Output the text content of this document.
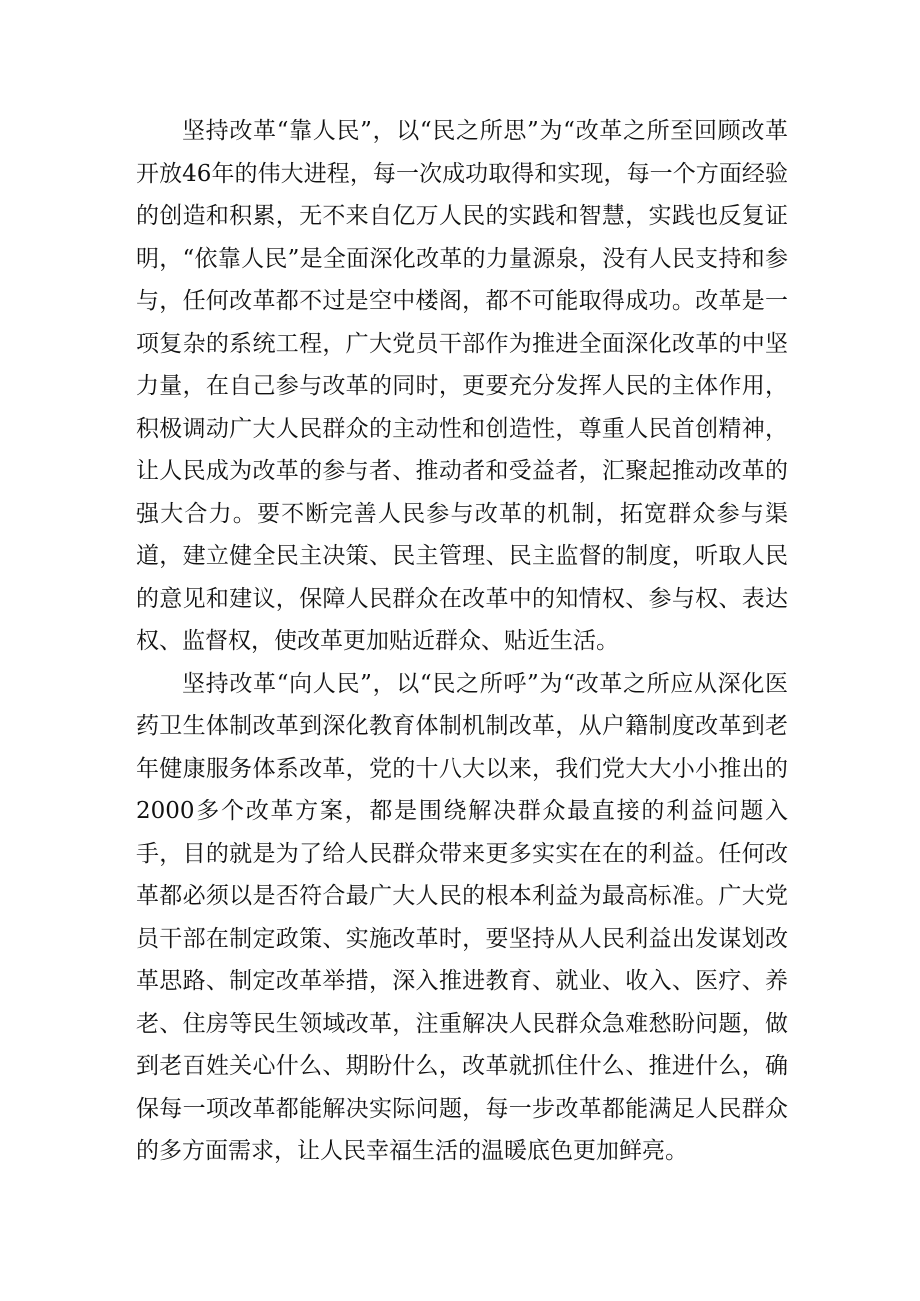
坚持改革“靠人民”，以“民之所思”为“改革之所至回顾改革开放46年的伟大进程，每一次成功取得和实现，每一个方面经验的创造和积累，无不来自亿万人民的实践和智慧，实践也反复证明，“依靠人民”是全面深化改革的力量源泉，没有人民支持和参与，任何改革都不过是空中楼阁，都不可能取得成功。改革是一项复杂的系统工程，广大党员干部作为推进全面深化改革的中坚力量，在自己参与改革的同时，更要充分发挥人民的主体作用，积极调动广大人民群众的主动性和创造性，尊重人民首创精神，让人民成为改革的参与者、推动者和受益者，汇聚起推动改革的强大合力。要不断完善人民参与改革的机制，拓宽群众参与渠道，建立健全民主决策、民主管理、民主监督的制度，听取人民的意见和建议，保障人民群众在改革中的知情权、参与权、表达权、监督权，使改革更加贴近群众、贴近生活。

坚持改革“向人民”，以“民之所呼”为“改革之所应从深化医药卫生体制改革到深化教育体制机制改革，从户籍制度改革到老年健康服务体系改革，党的十八大以来，我们党大大小小推出的2000多个改革方案，都是围绕解决群众最直接的利益问题入手，目的就是为了给人民群众带来更多实实在在的利益。任何改革都必须以是否符合最广大人民的根本利益为最高标准。广大党员干部在制定政策、实施改革时，要坚持从人民利益出发谋划改革思路、制定改革举措，深入推进教育、就业、收入、医疗、养老、住房等民生领域改革，注重解决人民群众急难愁盼问题，做到老百姓关心什么、期盼什么，改革就抓住什么、推进什么，确保每一项改革都能解决实际问题，每一步改革都能满足人民群众的多方面需求，让人民幸福生活的温暖底色更加鲜亮。
